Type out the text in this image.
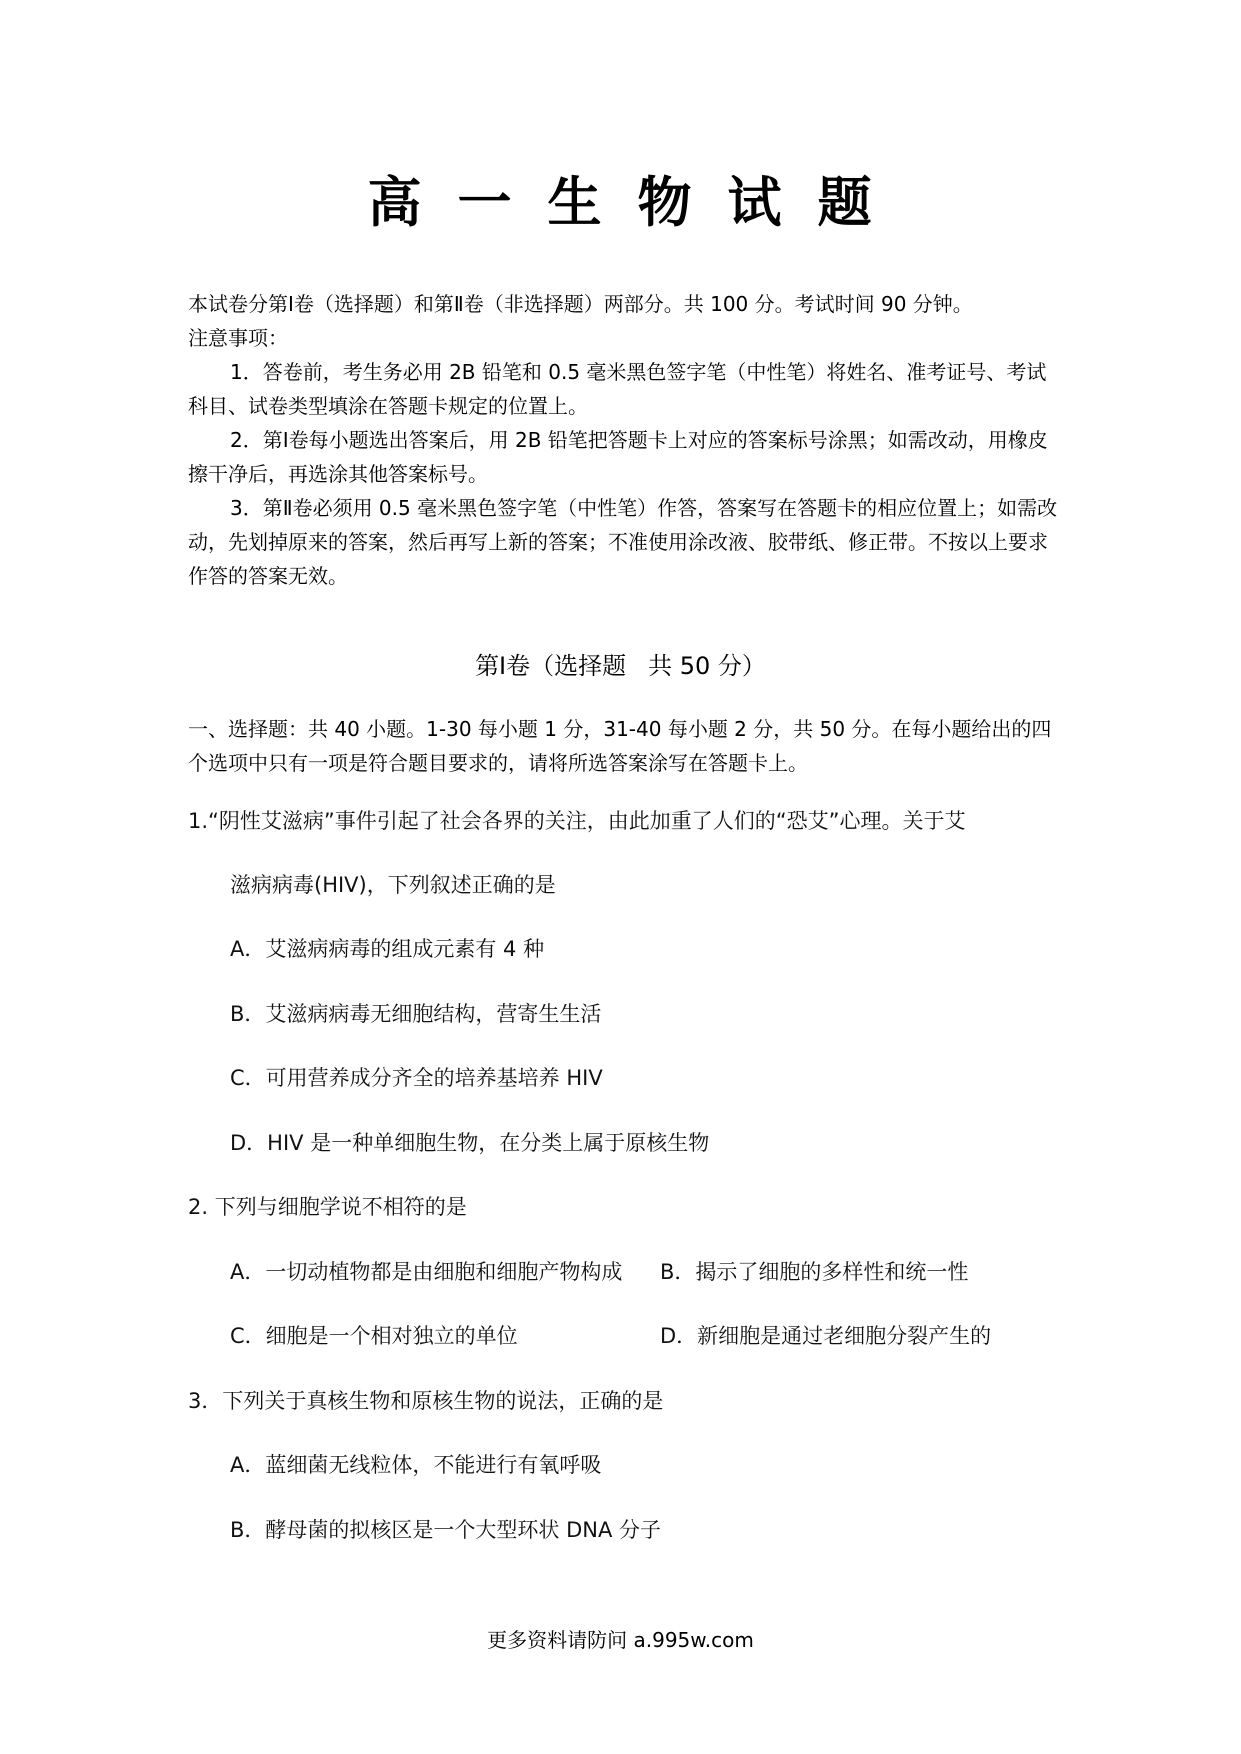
高 一 生 物 试 题

本试卷分第Ⅰ卷（选择题）和第Ⅱ卷（非选择题）两部分。共 100 分。考试时间 90 分钟。

注意事项：

1．答卷前，考生务必用 2B 铅笔和 0.5 毫米黑色签字笔（中性笔）将姓名、准考证号、考试科目、试卷类型填涂在答题卡规定的位置上。

2．第Ⅰ卷每小题选出答案后，用 2B 铅笔把答题卡上对应的答案标号涂黑；如需改动，用橡皮擦干净后，再选涂其他答案标号。

3．第Ⅱ卷必须用 0.5 毫米黑色签字笔（中性笔）作答，答案写在答题卡的相应位置上；如需改动，先划掉原来的答案，然后再写上新的答案；不准使用涂改液、胶带纸、修正带。不按以上要求作答的答案无效。

第Ⅰ卷（选择题 共 50 分）

一、选择题：共 40 小题。1-30 每小题 1 分，31-40 每小题 2 分，共 50 分。在每小题给出的四个选项中只有一项是符合题目要求的，请将所选答案涂写在答题卡上。

1.“阴性艾滋病”事件引起了社会各界的关注，由此加重了人们的“恐艾”心理。关于艾
滋病病毒(HIV)，下列叙述正确的是
A．艾滋病病毒的组成元素有 4 种
B．艾滋病病毒无细胞结构，营寄生生活
C．可用营养成分齐全的培养基培养 HIV
D．HIV 是一种单细胞生物，在分类上属于原核生物
2. 下列与细胞学说不相符的是
A．一切动植物都是由细胞和细胞产物构成 B．揭示了细胞的多样性和统一性
C．细胞是一个相对独立的单位	D．新细胞是通过老细胞分裂产生的
3．下列关于真核生物和原核生物的说法，正确的是
A．蓝细菌无线粒体，不能进行有氧呼吸
B．酵母菌的拟核区是一个大型环状 DNA 分子
更多资料请防问 a.995w.com
